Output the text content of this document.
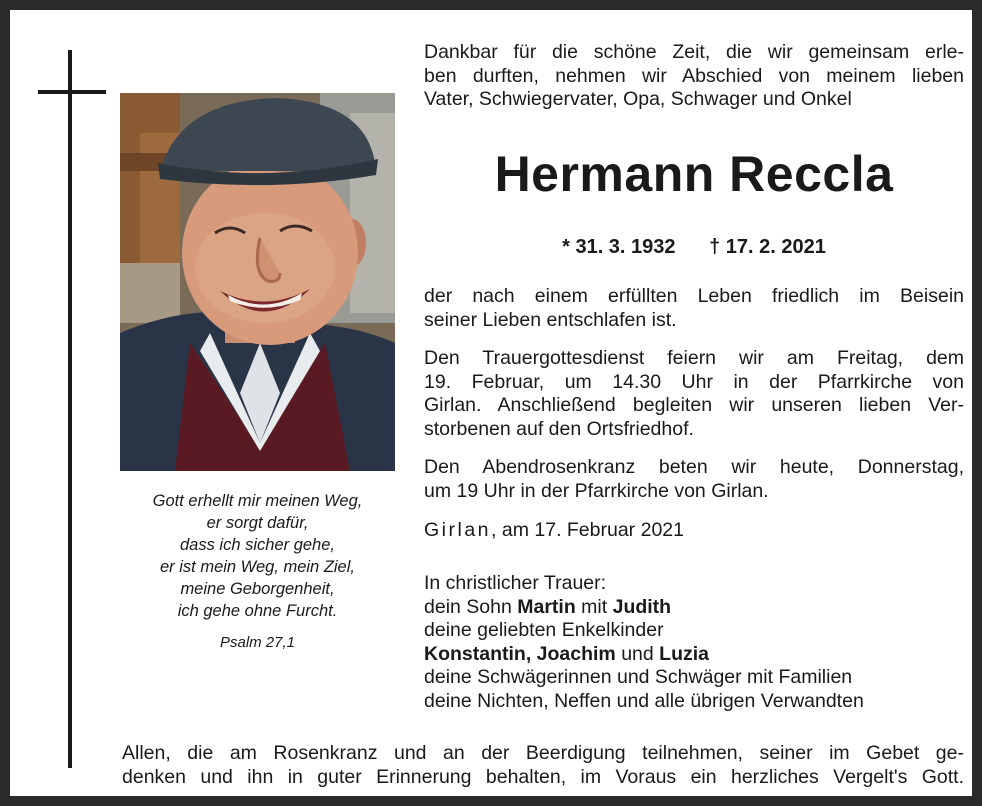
Gott erhellt mir meinen Weg,
er sorgt dafür,
dass ich sicher gehe,
er ist mein Weg, mein Ziel,
meine Geborgenheit,
ich gehe ohne Furcht.
Psalm 27,1
Dankbar für die schöne Zeit, die wir gemeinsam erle-
ben durften, nehmen wir Abschied von meinem lieben
Vater, Schwiegervater, Opa, Schwager und Onkel
Hermann Reccla
* 31. 3. 1932 † 17. 2. 2021
der nach einem erfüllten Leben friedlich im Beisein
seiner Lieben entschlafen ist.
Den Trauergottesdienst feiern wir am Freitag, dem
19. Februar, um 14.30 Uhr in der Pfarrkirche von
Girlan. Anschließend begleiten wir unseren lieben Ver-
storbenen auf den Ortsfriedhof.
Den Abendrosenkranz beten wir heute, Donnerstag,
um 19 Uhr in der Pfarrkirche von Girlan.
Girlan, am 17. Februar 2021
In christlicher Trauer:
dein Sohn Martin mit Judith
deine geliebten Enkelkinder
Konstantin, Joachim und Luzia
deine Schwägerinnen und Schwäger mit Familien
deine Nichten, Neffen und alle übrigen Verwandten
Allen, die am Rosenkranz und an der Beerdigung teilnehmen, seiner im Gebet ge-
denken und ihn in guter Erinnerung behalten, im Voraus ein herzliches Vergelt's Gott.
